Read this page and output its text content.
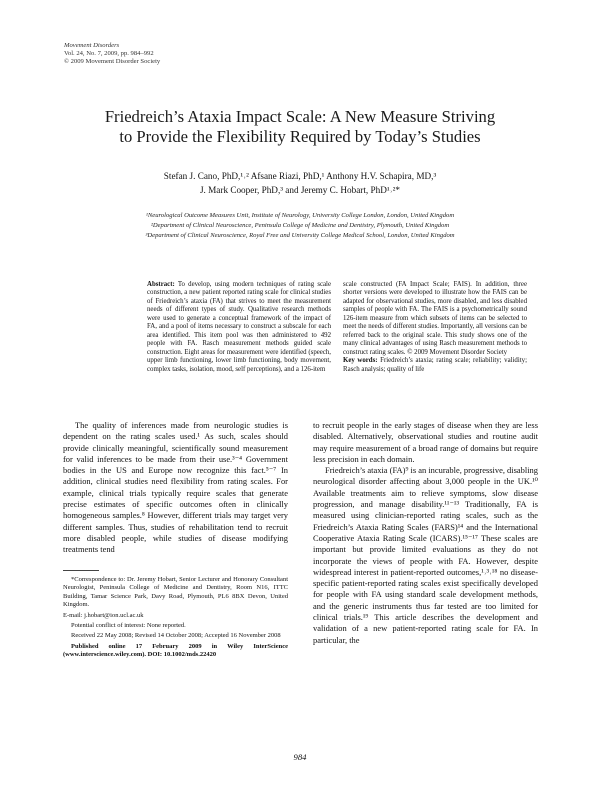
Movement Disorders
Vol. 24, No. 7, 2009, pp. 984–992
© 2009 Movement Disorder Society
Friedreich’s Ataxia Impact Scale: A New Measure Striving
to Provide the Flexibility Required by Today’s Studies
Stefan J. Cano, PhD,¹˒² Afsane Riazi, PhD,¹ Anthony H.V. Schapira, MD,³
J. Mark Cooper, PhD,³ and Jeremy C. Hobart, PhD¹˒²*
¹Neurological Outcome Measures Unit, Institute of Neurology, University College London, London, United Kingdom
²Department of Clinical Neuroscience, Peninsula College of Medicine and Dentistry, Plymouth, United Kingdom
³Department of Clinical Neuroscience, Royal Free and University College Medical School, London, United Kingdom
Abstract: To develop, using modern techniques of rating scale construction, a new patient reported rating scale for clinical studies of Friedreich’s ataxia (FA) that strives to meet the measurement needs of different types of study. Qualitative research methods were used to generate a conceptual framework of the impact of FA, and a pool of items necessary to construct a subscale for each area identified. This item pool was then administered to 492 people with FA. Rasch measurement methods guided scale construction. Eight areas for measurement were identified (speech, upper limb functioning, lower limb functioning, body movement, complex tasks, isolation, mood, self perceptions), and a 126-item
scale constructed (FA Impact Scale; FAIS). In addition, three shorter versions were developed to illustrate how the FAIS can be adapted for observational studies, more disabled, and less disabled samples of people with FA. The FAIS is a psychometrically sound 126-item measure from which subsets of items can be selected to meet the needs of different studies. Importantly, all versions can be referred back to the original scale. This study shows one of the many clinical advantages of using Rasch measurement methods to construct rating scales. © 2009 Movement Disorder Society
Key words: Friedreich’s ataxia; rating scale; reliability; validity; Rasch analysis; quality of life

The quality of inferences made from neurologic studies is dependent on the rating scales used.¹ As such, scales should provide clinically meaningful, scientifically sound measurement for valid inferences to be made from their use.³⁻⁴ Government bodies in the US and Europe now recognize this fact.⁵⁻⁷ In addition, clinical studies need flexibility from rating scales. For example, clinical trials typically require scales that generate precise estimates of specific outcomes often in clinically homogeneous samples.⁸ However, different trials may target very different samples. Thus, studies of rehabilitation tend to recruit more disabled people, while studies of disease modifying treatments tend

to recruit people in the early stages of disease when they are less disabled. Alternatively, observational studies and routine audit may require measurement of a broad range of domains but require less precision in each domain.

Friedreich’s ataxia (FA)⁹ is an incurable, progressive, disabling neurological disorder affecting about 3,000 people in the UK.¹⁰ Available treatments aim to relieve symptoms, slow disease progression, and manage disability.¹¹⁻¹³ Traditionally, FA is measured using clinician-reported rating scales, such as the Friedreich’s Ataxia Rating Scales (FARS)¹⁴ and the International Cooperative Ataxia Rating Scale (ICARS).¹⁵⁻¹⁷ These scales are important but provide limited evaluations as they do not incorporate the views of people with FA. However, despite widespread interest in patient-reported outcomes,¹˒³˒¹⁸ no disease-specific patient-reported rating scales exist specifically developed for people with FA using standard scale development methods, and the generic instruments thus far tested are too limited for clinical trials.¹⁹ This article describes the development and validation of a new patient-reported rating scale for FA. In particular, the

*Correspondence to: Dr. Jeremy Hobart, Senior Lecturer and Honorary Consultant Neurologist, Peninsula College of Medicine and Dentistry, Room N16, ITTC Building, Tamar Science Park, Davy Road, Plymouth, PL6 8BX Devon, United Kingdom.

E-mail: j.hobart@ion.ucl.ac.uk

Potential conflict of interest: None reported.

Received 22 May 2008; Revised 14 October 2008; Accepted 16 November 2008

Published online 17 February 2009 in Wiley InterScience (www.interscience.wiley.com). DOI: 10.1002/mds.22420

984
